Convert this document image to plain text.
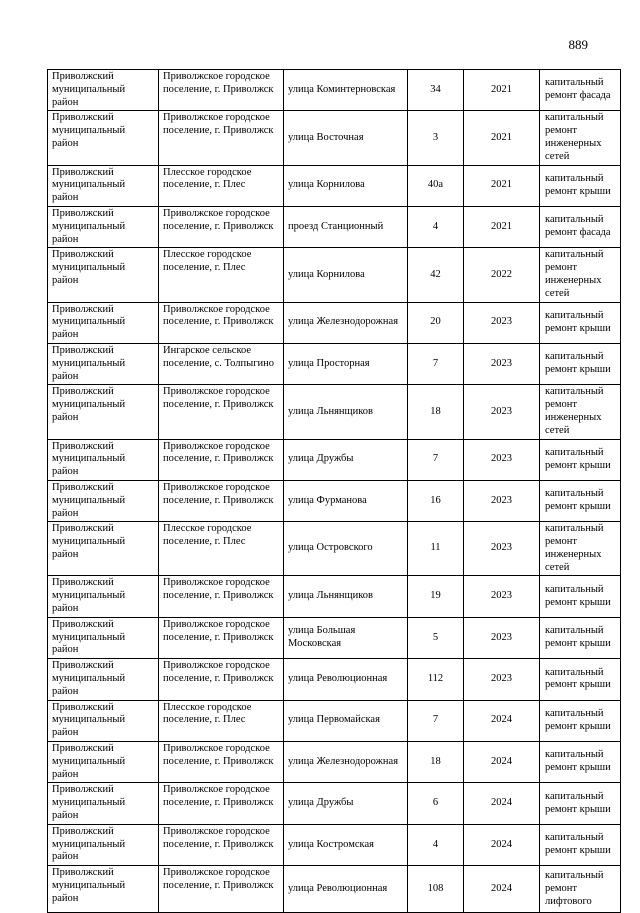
889
Приволжский муниципальный район	Приволжское городское поселение, г. Приволжск	улица Коминтерновская	34	2021	капитальный ремонт фасада
Приволжский муниципальный район	Приволжское городское поселение, г. Приволжск	улица Восточная	3	2021	капитальный ремонт инженерных сетей
Приволжский муниципальный район	Плесское городское поселение, г. Плес	улица Корнилова	40а	2021	капитальный ремонт крыши
Приволжский муниципальный район	Приволжское городское поселение, г. Приволжск	проезд Станционный	4	2021	капитальный ремонт фасада
Приволжский муниципальный район	Плесское городское поселение, г. Плес	улица Корнилова	42	2022	капитальный ремонт инженерных сетей
Приволжский муниципальный район	Приволжское городское поселение, г. Приволжск	улица Железнодорожная	20	2023	капитальный ремонт крыши
Приволжский муниципальный район	Ингарское сельское поселение, с. Толпыгино	улица Просторная	7	2023	капитальный ремонт крыши
Приволжский муниципальный район	Приволжское городское поселение, г. Приволжск	улица Льнянщиков	18	2023	капитальный ремонт инженерных сетей
Приволжский муниципальный район	Приволжское городское поселение, г. Приволжск	улица Дружбы	7	2023	капитальный ремонт крыши
Приволжский муниципальный район	Приволжское городское поселение, г. Приволжск	улица Фурманова	16	2023	капитальный ремонт крыши
Приволжский муниципальный район	Плесское городское поселение, г. Плес	улица Островского	11	2023	капитальный ремонт инженерных сетей
Приволжский муниципальный район	Приволжское городское поселение, г. Приволжск	улица Льнянщиков	19	2023	капитальный ремонт крыши
Приволжский муниципальный район	Приволжское городское поселение, г. Приволжск	улица Большая Московская	5	2023	капитальный ремонт крыши
Приволжский муниципальный район	Приволжское городское поселение, г. Приволжск	улица Революционная	112	2023	капитальный ремонт крыши
Приволжский муниципальный район	Плесское городское поселение, г. Плес	улица Первомайская	7	2024	капитальный ремонт крыши
Приволжский муниципальный район	Приволжское городское поселение, г. Приволжск	улица Железнодорожная	18	2024	капитальный ремонт крыши
Приволжский муниципальный район	Приволжское городское поселение, г. Приволжск	улица Дружбы	6	2024	капитальный ремонт крыши
Приволжский муниципальный район	Приволжское городское поселение, г. Приволжск	улица Костромская	4	2024	капитальный ремонт крыши
Приволжский муниципальный район	Приволжское городское поселение, г. Приволжск	улица Революционная	108	2024	капитальный ремонт лифтового
